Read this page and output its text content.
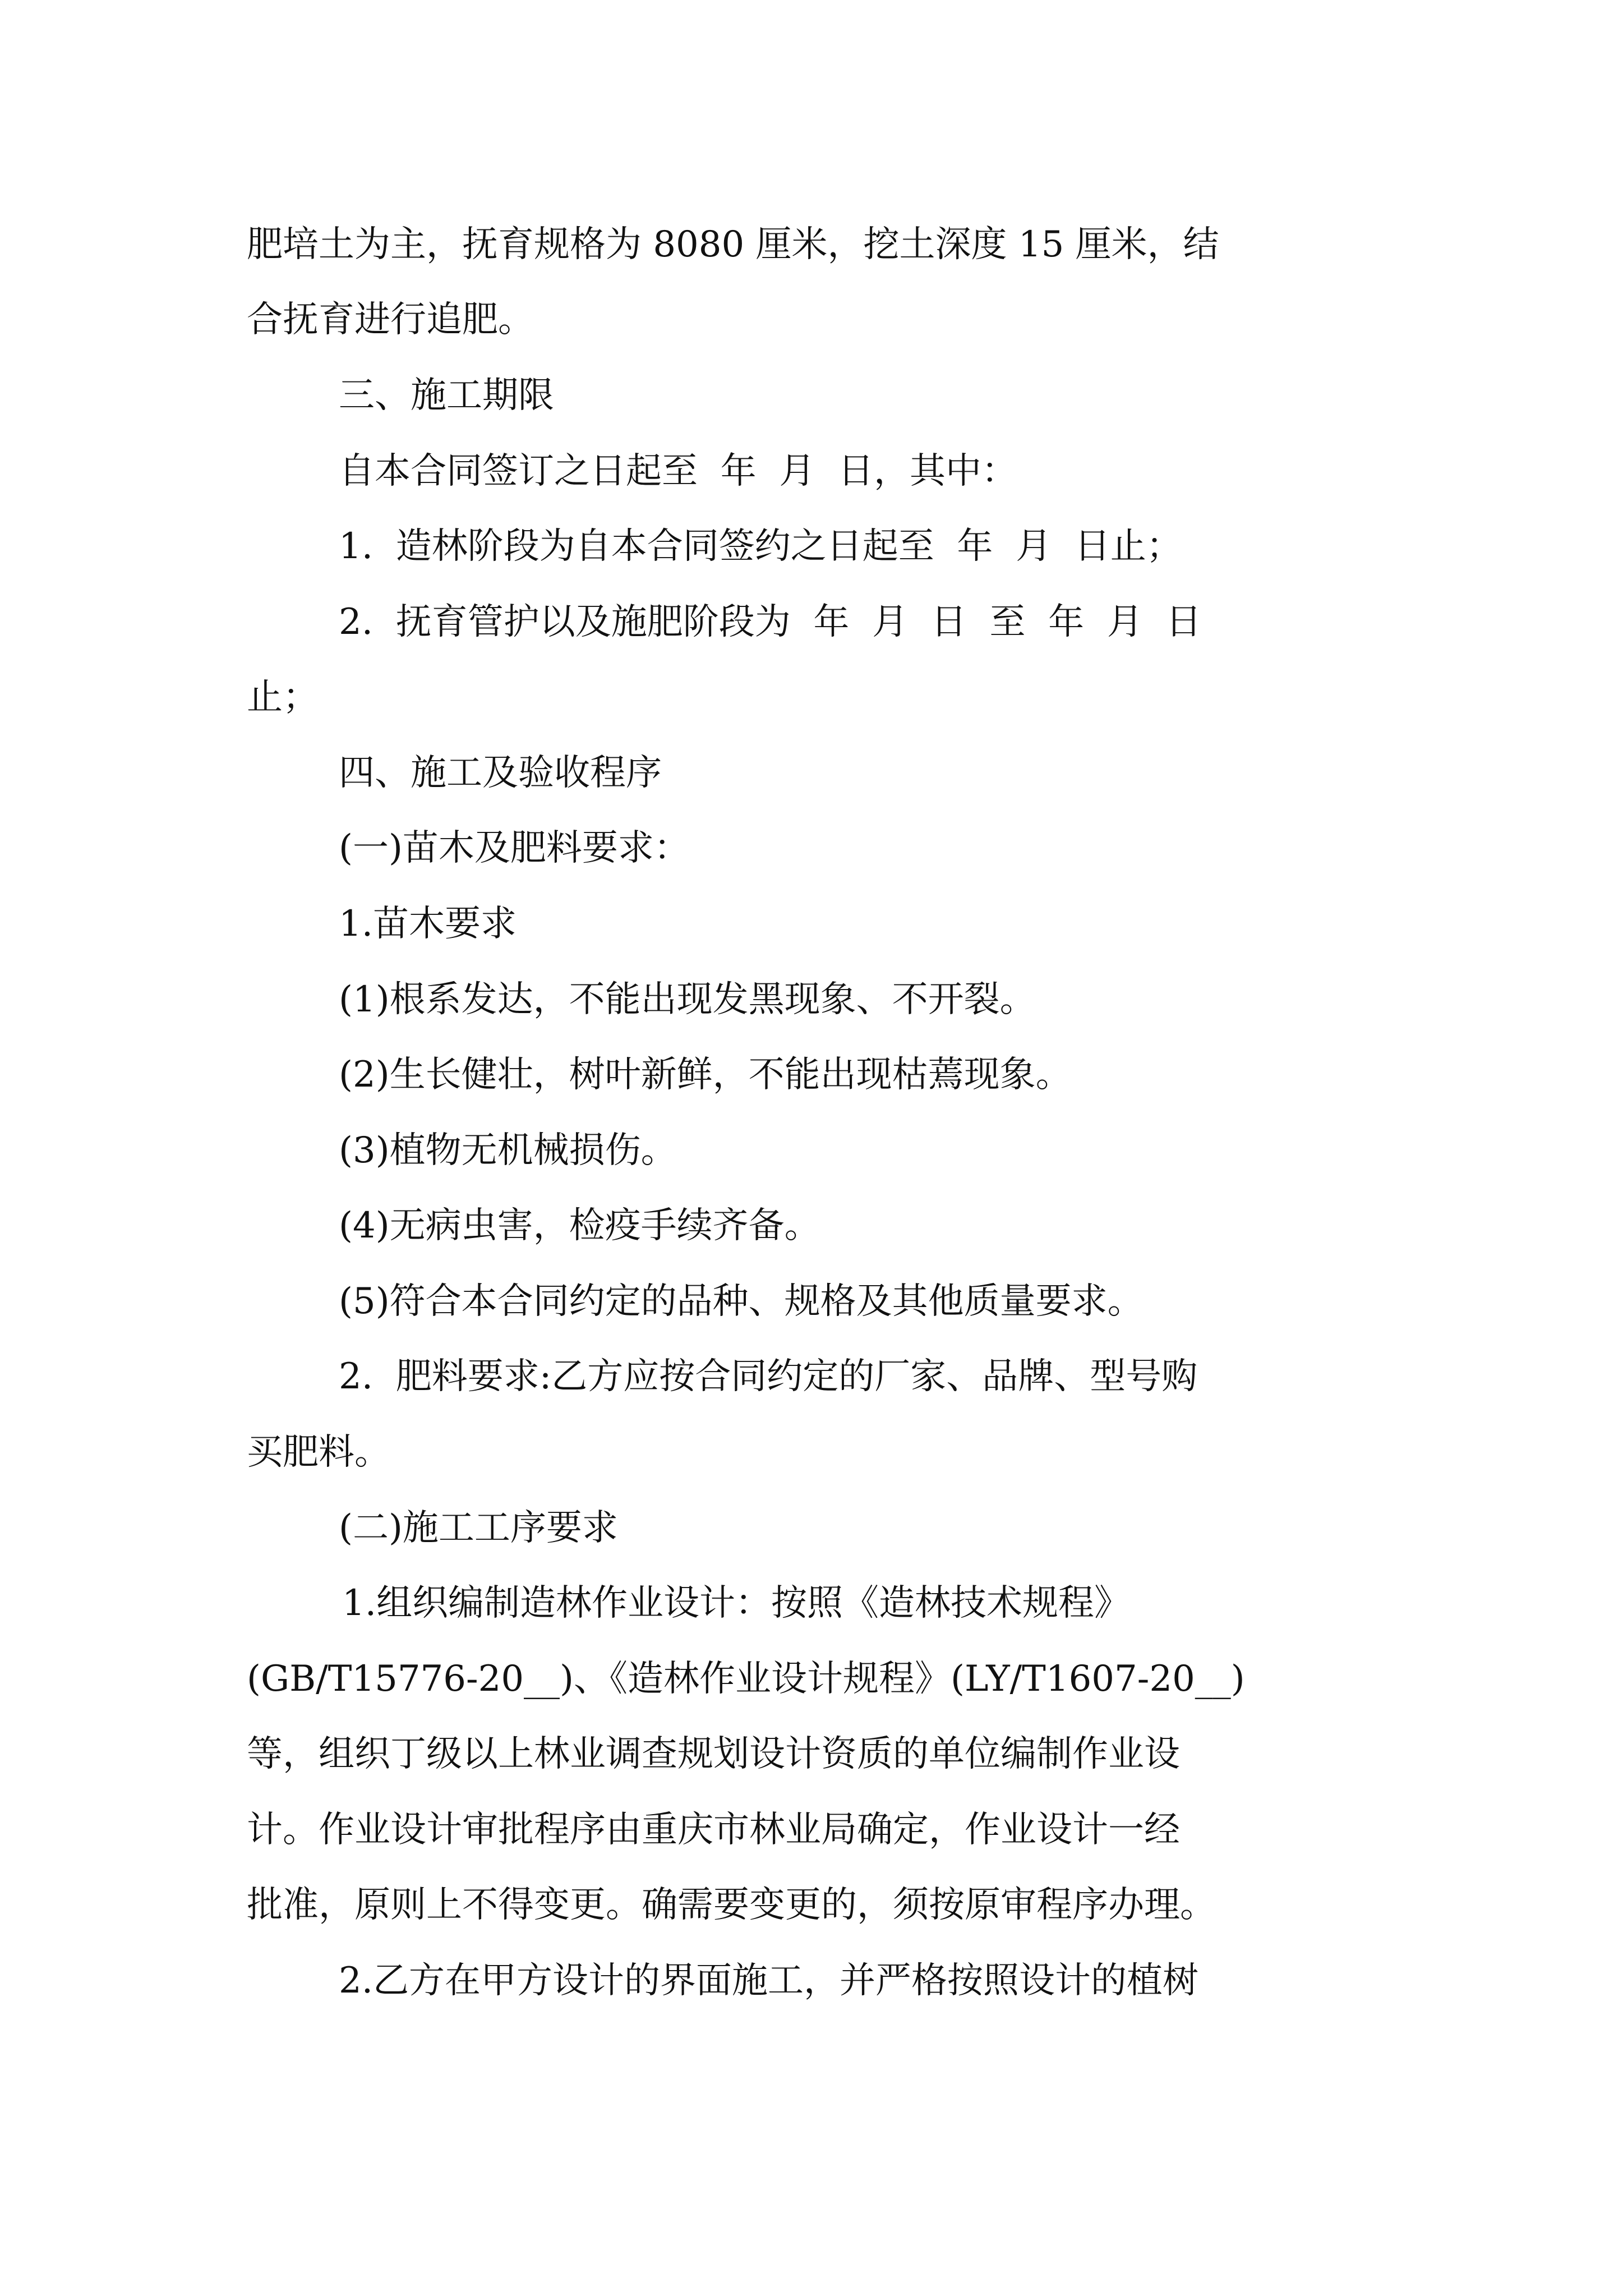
肥培土为主，抚育规格为 8080 厘米，挖土深度 15 厘米，结
合抚育进行追肥。
三、施工期限
自本合同签订之日起至  年  月  日，其中：
1.  造林阶段为自本合同签约之日起至  年  月  日止；
2.  抚育管护以及施肥阶段为  年  月  日  至  年  月  日
止；
四、施工及验收程序
(一)苗木及肥料要求：
1.苗木要求
(1)根系发达，不能出现发黑现象、不开裂。
(2)生长健壮，树叶新鲜，不能出现枯蔫现象。
(3)植物无机械损伤。
(4)无病虫害，检疫手续齐备。
(5)符合本合同约定的品种、规格及其他质量要求。
2.  肥料要求:乙方应按合同约定的厂家、品牌、型号购
买肥料。
(二)施工工序要求
1.组织编制造林作业设计：按照《造林技术规程》
(GB/T15776-20__)、《造林作业设计规程》(LY/T1607-20__)
等，组织丁级以上林业调查规划设计资质的单位编制作业设
计。作业设计审批程序由重庆市林业局确定，作业设计一经
批准，原则上不得变更。确需要变更的，须按原审程序办理。
2.乙方在甲方设计的界面施工，并严格按照设计的植树
